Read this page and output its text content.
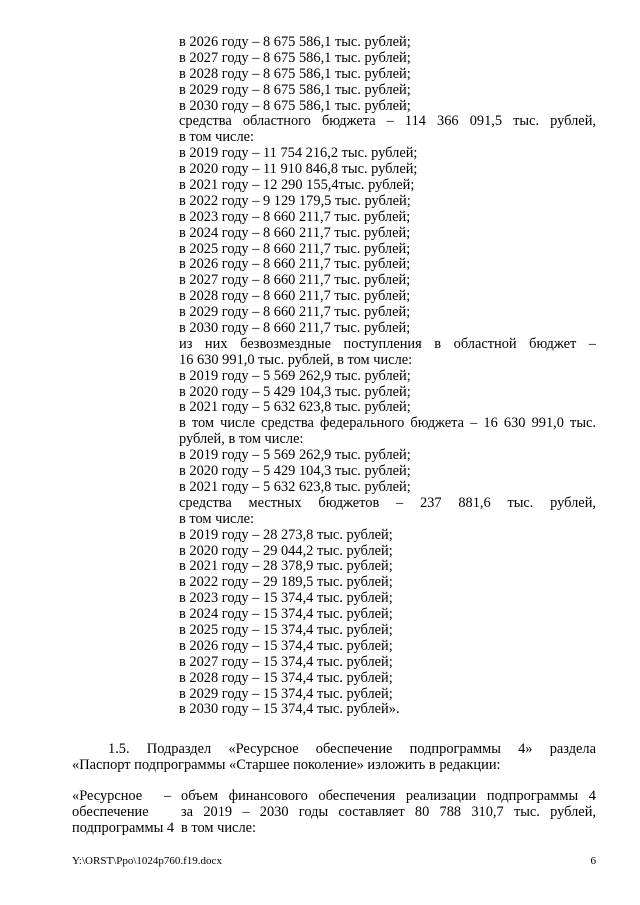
в 2026 году – 8 675 586,1 тыс. рублей;
в 2027 году – 8 675 586,1 тыс. рублей;
в 2028 году – 8 675 586,1 тыс. рублей;
в 2029 году – 8 675 586,1 тыс. рублей;
в 2030 году – 8 675 586,1 тыс. рублей;
средства областного бюджета – 114 366 091,5 тыс. рублей,
в том числе:
в 2019 году – 11 754 216,2 тыс. рублей;
в 2020 году – 11 910 846,8 тыс. рублей;
в 2021 году – 12 290 155,4тыс. рублей;
в 2022 году – 9 129 179,5 тыс. рублей;
в 2023 году – 8 660 211,7 тыс. рублей;
в 2024 году – 8 660 211,7 тыс. рублей;
в 2025 году – 8 660 211,7 тыс. рублей;
в 2026 году – 8 660 211,7 тыс. рублей;
в 2027 году – 8 660 211,7 тыс. рублей;
в 2028 году – 8 660 211,7 тыс. рублей;
в 2029 году – 8 660 211,7 тыс. рублей;
в 2030 году – 8 660 211,7 тыс. рублей;
из них безвозмездные поступления в областной бюджет –
16 630 991,0 тыс. рублей, в том числе:
в 2019 году – 5 569 262,9 тыс. рублей;
в 2020 году – 5 429 104,3 тыс. рублей;
в 2021 году – 5 632 623,8 тыс. рублей;
в том числе средства федерального бюджета – 16 630 991,0 тыс.
рублей, в том числе:
в 2019 году – 5 569 262,9 тыс. рублей;
в 2020 году – 5 429 104,3 тыс. рублей;
в 2021 году – 5 632 623,8 тыс. рублей;
средства местных бюджетов – 237 881,6 тыс. рублей,
в том числе:
в 2019 году – 28 273,8 тыс. рублей;
в 2020 году – 29 044,2 тыс. рублей;
в 2021 году – 28 378,9 тыс. рублей;
в 2022 году – 29 189,5 тыс. рублей;
в 2023 году – 15 374,4 тыс. рублей;
в 2024 году – 15 374,4 тыс. рублей;
в 2025 году – 15 374,4 тыс. рублей;
в 2026 году – 15 374,4 тыс. рублей;
в 2027 году – 15 374,4 тыс. рублей;
в 2028 году – 15 374,4 тыс. рублей;
в 2029 году – 15 374,4 тыс. рублей;
в 2030 году – 15 374,4 тыс. рублей».
1.5. Подраздел «Ресурсное обеспечение подпрограммы 4» раздела
«Паспорт подпрограммы «Старшее поколение» изложить в редакции:
«Ресурсное
обеспечение
подпрограммы 4
– объем финансового обеспечения реализации подпрограммы 4
за 2019 – 2030 годы составляет 80 788 310,7 тыс. рублей,
в том числе:
Y:\ORST\Ppo\1024p760.f19.docx	6
